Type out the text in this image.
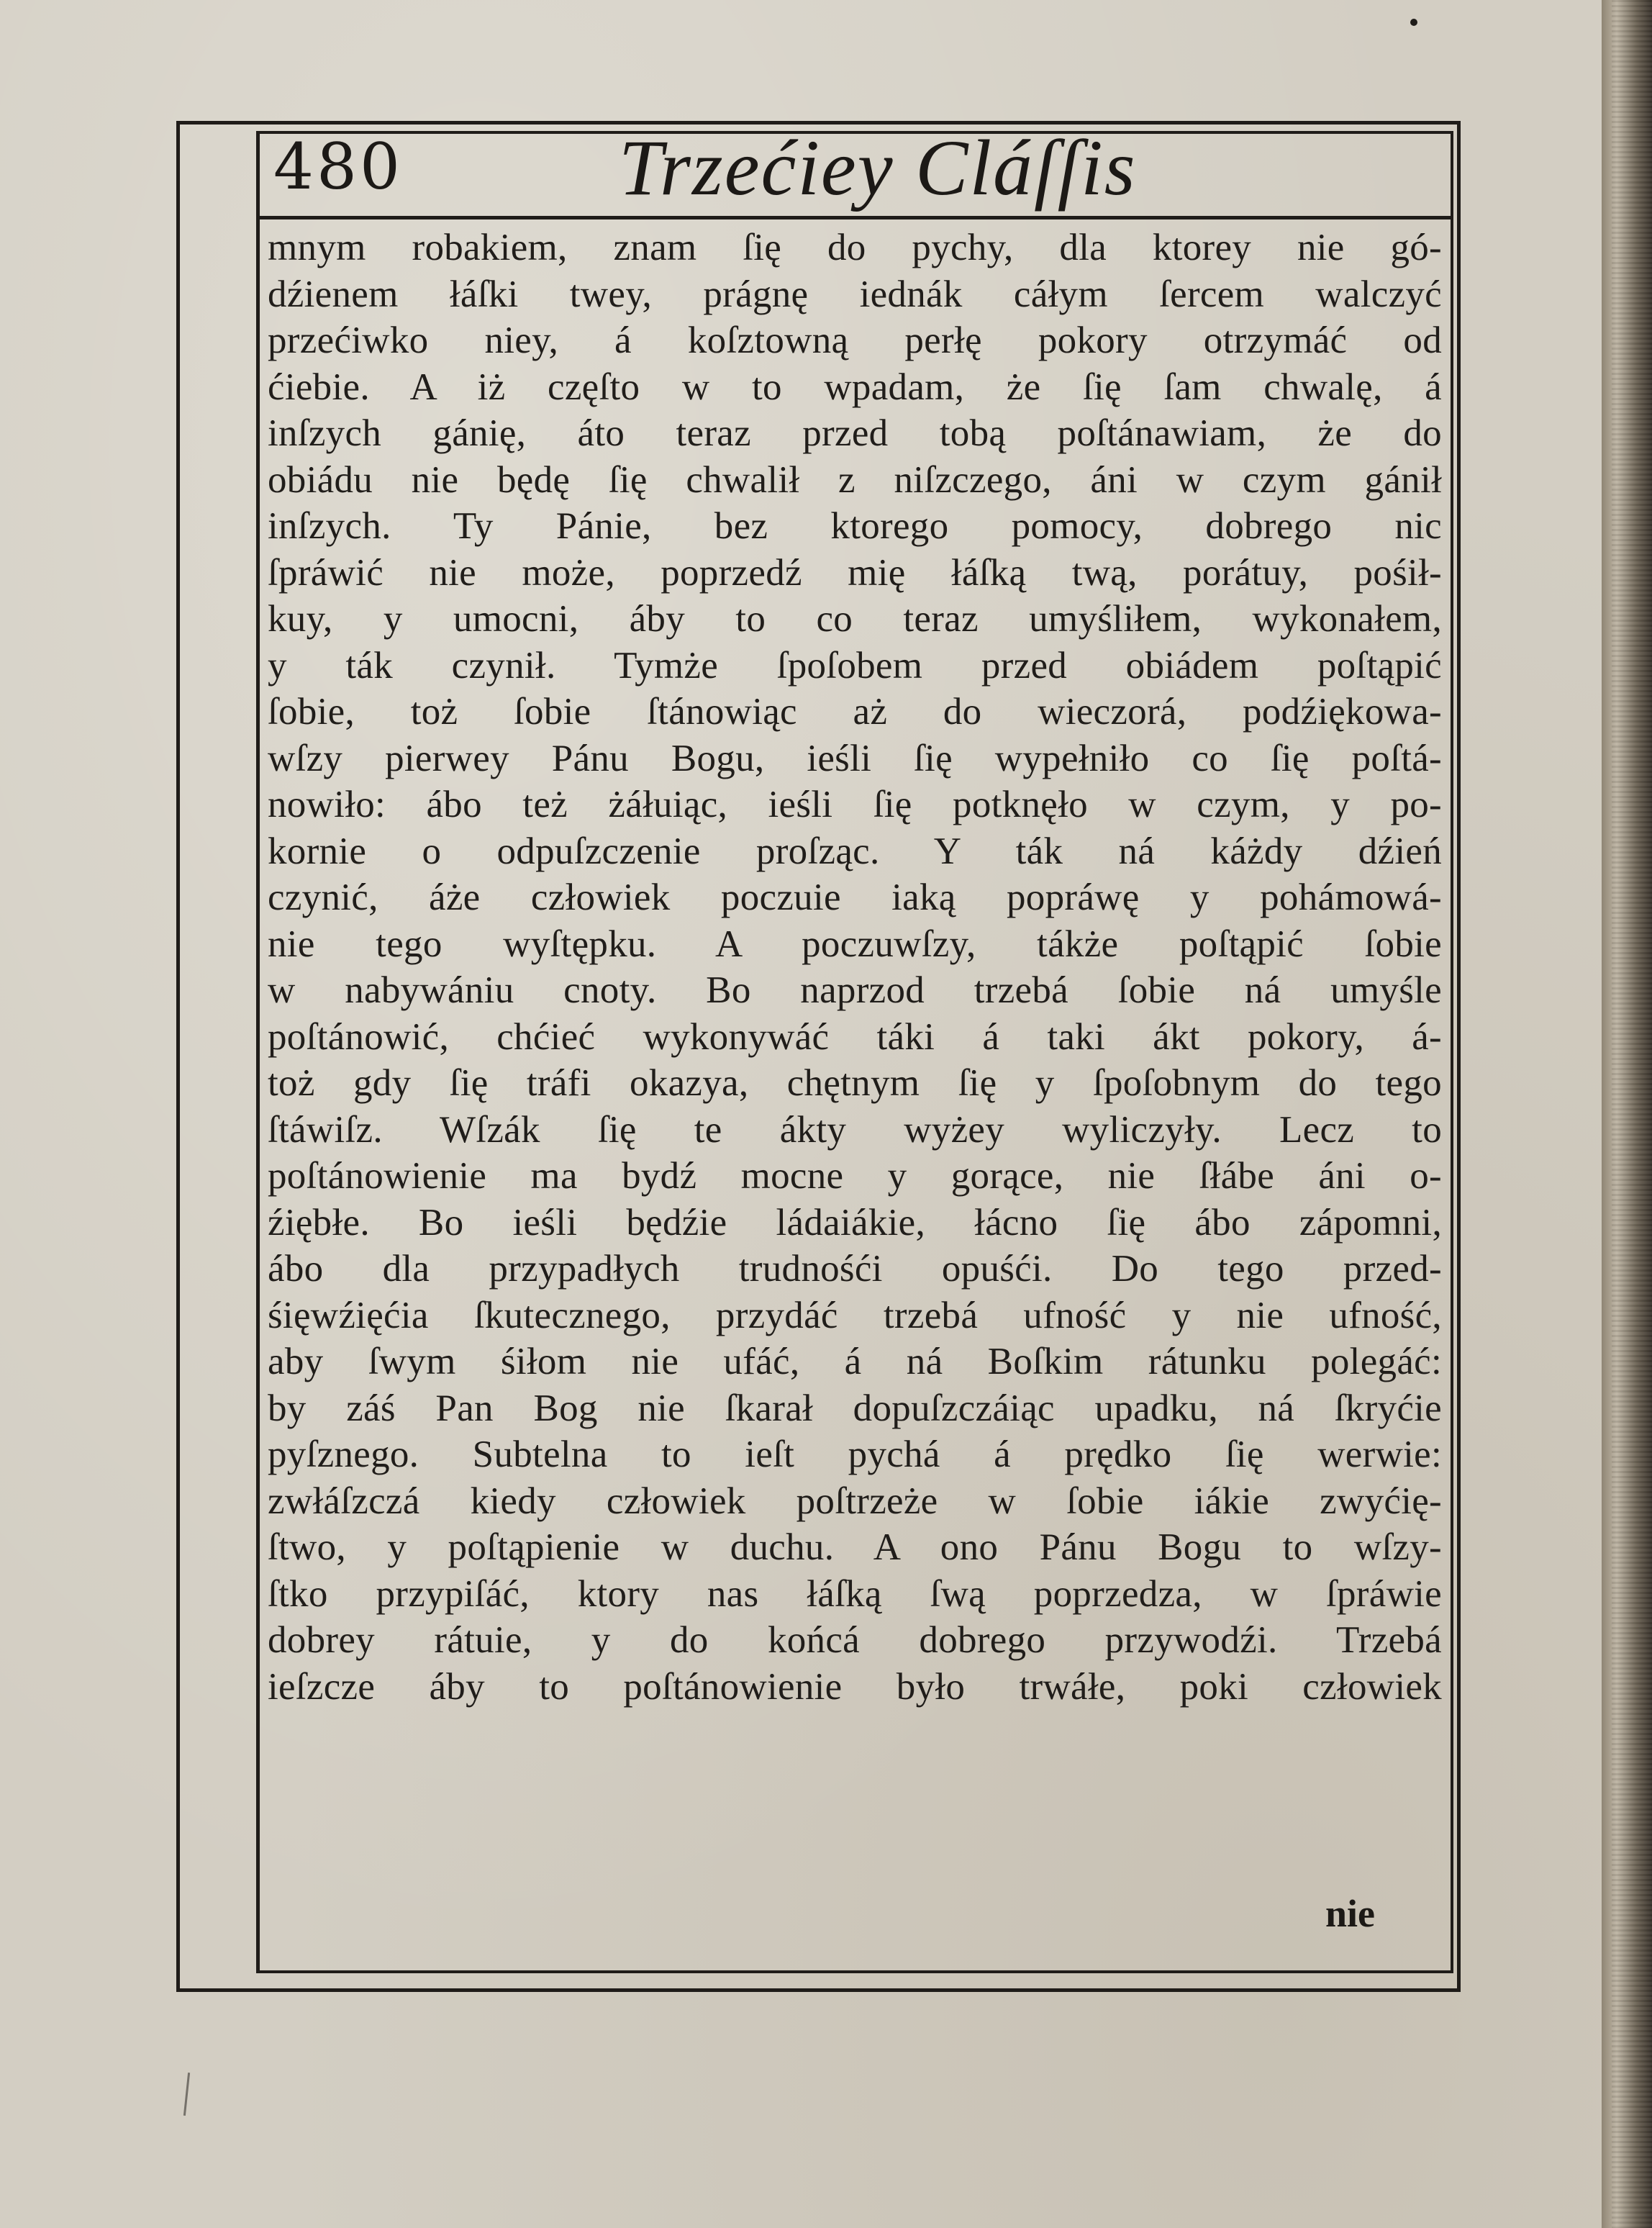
480	Trzećiey Cláſſis
mnym robakiem, znam ſię do pychy, dla ktorey nie gó-
dźienem łáſki twey, prágnę iednák cáłym ſercem walczyć
przećiwko niey, á koſztowną perłę pokory otrzymáć od
ćiebie. A iż częſto w to wpadam, że ſię ſam chwalę, á
inſzych gánię, áto teraz przed tobą poſtánawiam, że do
obiádu nie będę ſię chwalił z niſzczego, áni w czym gánił
inſzych. Ty Pánie, bez ktorego pomocy, dobrego nic
ſpráwić nie może, poprzedź mię łáſką twą, porátuy, pośił-
kuy, y umocni, áby to co teraz umyśliłem, wykonałem,
y ták czynił. Tymże ſpoſobem przed obiádem poſtąpić
ſobie, toż ſobie ſtánowiąc aż do wieczorá, podźiękowa-
wſzy pierwey Pánu Bogu, ieśli ſię wypełniło co ſię poſtá-
nowiło: ábo też żáłuiąc, ieśli ſię potknęło w czym, y po-
kornie o odpuſzczenie proſząc. Y ták ná káżdy dźień
czynić, áże człowiek poczuie iaką popráwę y pohámowá-
nie tego wyſtępku. A poczuwſzy, tákże poſtąpić ſobie
w nabywániu cnoty. Bo naprzod trzebá ſobie ná umyśle
poſtánowić, chćieć wykonywáć táki á taki ákt pokory, á-
toż gdy ſię tráfi okazya, chętnym ſię y ſpoſobnym do tego
ſtáwiſz. Wſzák ſię te ákty wyżey wyliczyły. Lecz to
poſtánowienie ma bydź mocne y gorące, nie ſłábe áni o-
źiębłe. Bo ieśli będźie ládaiákie, łácno ſię ábo zápomni,
ábo dla przypadłych trudnośći opuśći. Do tego przed-
śięwźięćia ſkutecznego, przydáć trzebá ufność y nie ufność,
aby ſwym śiłom nie ufáć, á ná Boſkim rátunku polegáć:
by záś Pan Bog nie ſkarał dopuſzczáiąc upadku, ná ſkryćie
pyſznego. Subtelna to ieſt pychá á prędko ſię werwie:
zwłáſzczá kiedy człowiek poſtrzeże w ſobie iákie zwyćię-
ſtwo, y poſtąpienie w duchu. A ono Pánu Bogu to wſzy-
ſtko przypiſáć, ktory nas łáſką ſwą poprzedza, w ſpráwie
dobrey rátuie, y do końcá dobrego przywodźi. Trzebá
ieſzcze áby to poſtánowienie było trwáłe, poki człowiek
nie
